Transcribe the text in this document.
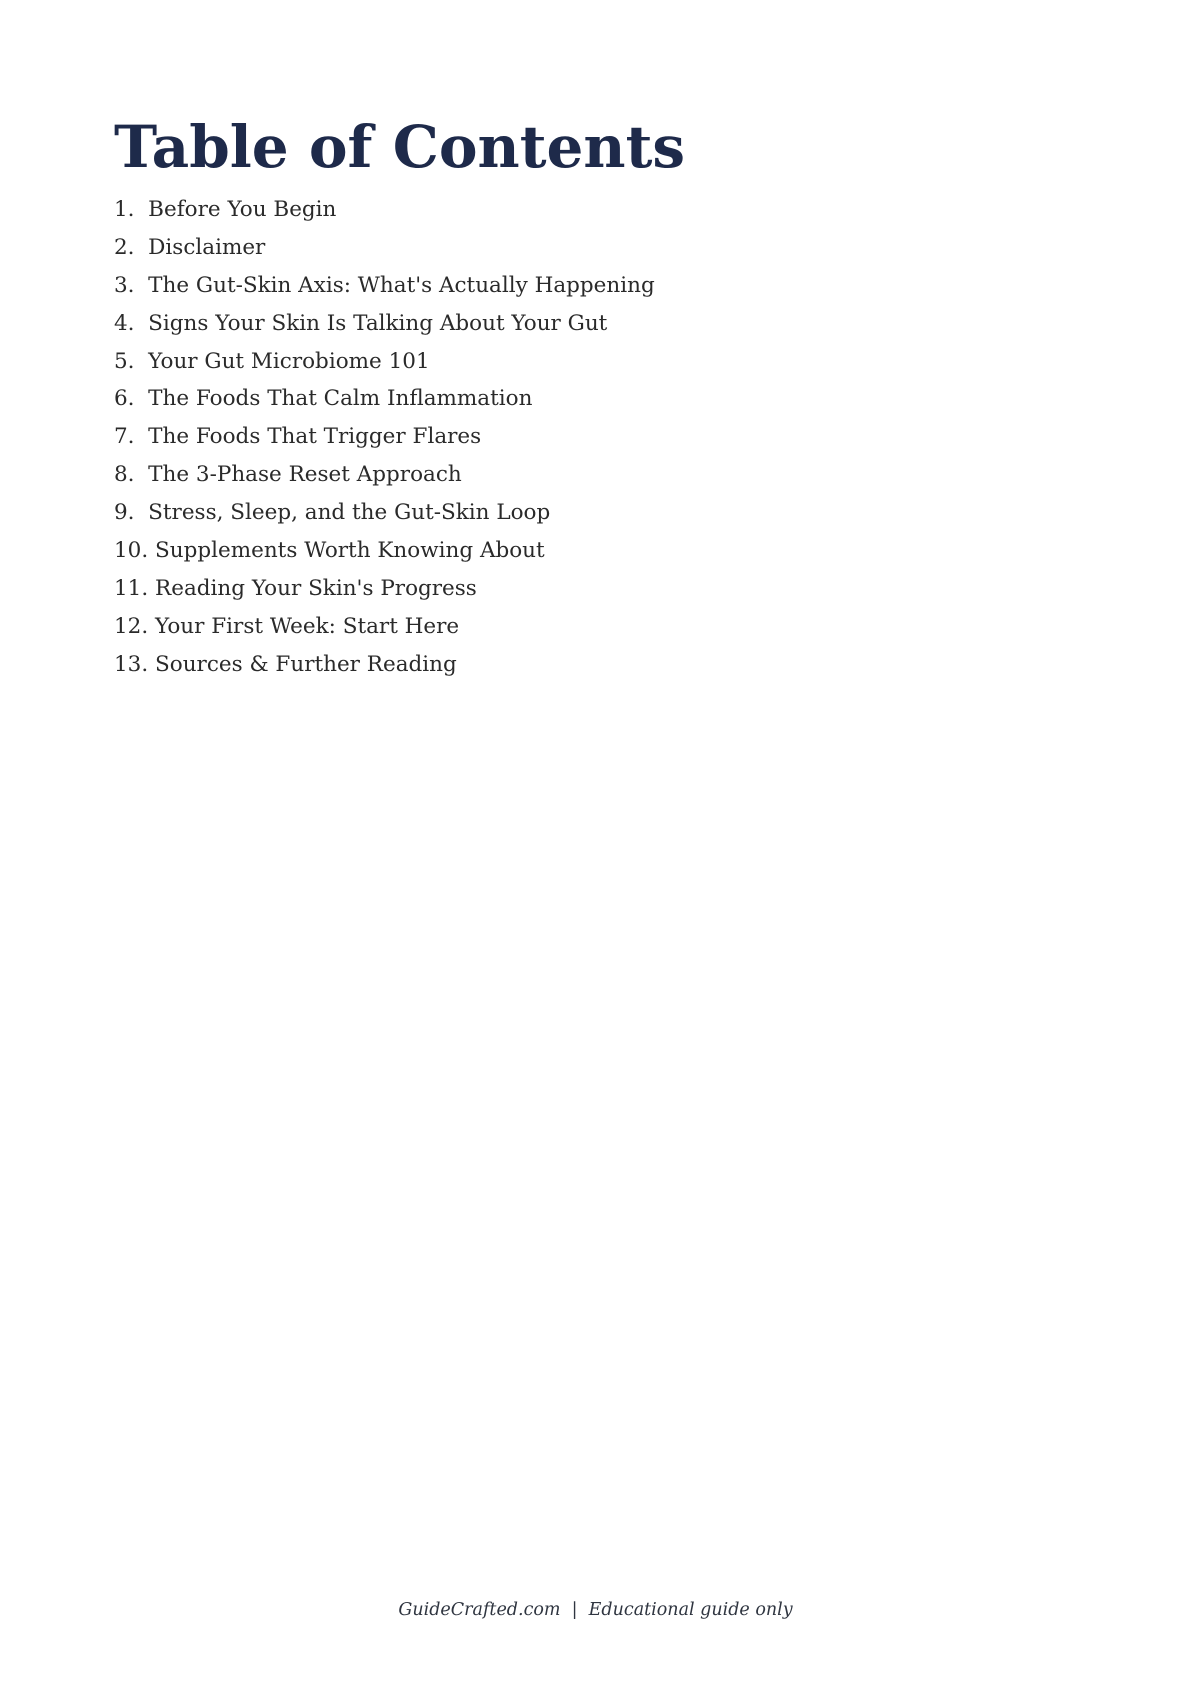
Table of Contents
1.  Before You Begin
2.  Disclaimer
3.  The Gut-Skin Axis: What's Actually Happening
4.  Signs Your Skin Is Talking About Your Gut
5.  Your Gut Microbiome 101
6.  The Foods That Calm Inflammation
7.  The Foods That Trigger Flares
8.  The 3-Phase Reset Approach
9.  Stress, Sleep, and the Gut-Skin Loop
10. Supplements Worth Knowing About
11. Reading Your Skin's Progress
12. Your First Week: Start Here
13. Sources & Further Reading
GuideCrafted.com  |  Educational guide only
